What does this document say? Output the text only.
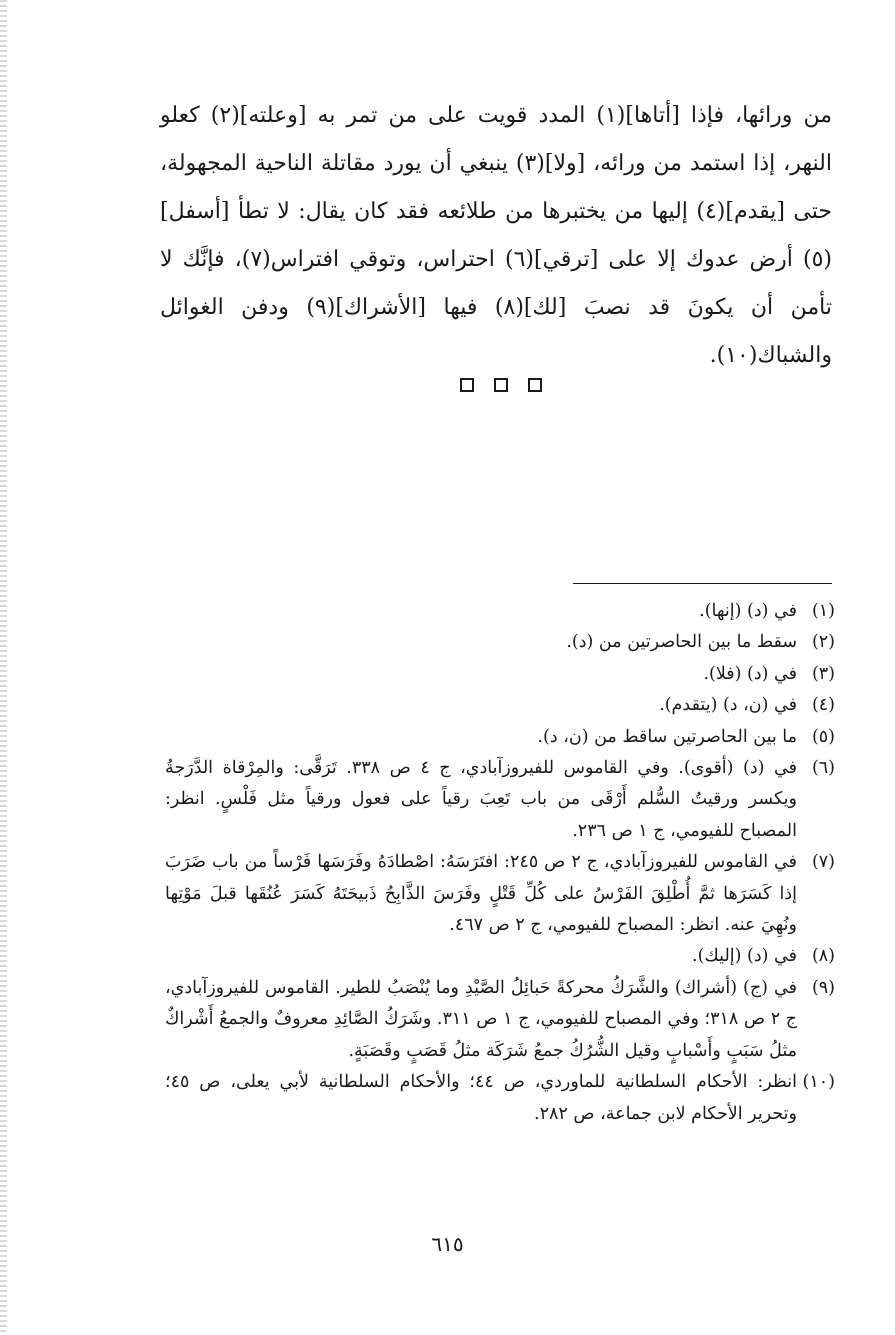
من ورائها، فإذا [أتاها](١) المدد قويت على من تمر به [وعلته](٢) كعلو النهر، إذا استمد من ورائه، [ولا](٣) ينبغي أن يورد مقاتلة الناحية المجهولة، حتى [يقدم](٤) إليها من يختبرها من طلائعه فقد كان يقال: لا تطأ [أسفل](٥) أرض عدوك إلا على [ترقي](٦) احتراس، وتوقي افتراس(٧)، فإنَّك لا تأمن أن يكونَ قد نصبَ [لك](٨) فيها [الأشراك](٩) ودفن الغوائل والشباك(١٠).

(١)
في (د) (إنها).
(٢)
سقط ما بين الحاصرتين من (د).
(٣)
في (د) (فلا).
(٤)
في (ن، د) (يتقدم).
(٥)
ما بين الحاصرتين ساقط من (ن، د).
(٦)
في (د) (أقوى). وفي القاموس للفيروزآبادي، ج ٤ ص ٣٣٨. تَرَقَّى: والمِرْقاة الدَّرَجةُ ويكسر ورقيتُ السُّلم أَرْقَى من باب تَعِبَ رقياً على فعول ورقياً مثل فَلْسٍ. انظر: المصباح للفيومي، ج ١ ص ٢٣٦.
(٧)
في القاموس للفيروزآبادي، ج ٢ ص ٢٤٥: افتَرَسَهُ: اصْطادَهُ وفَرَسَها فَرْساً من باب ضَرَبَ إذا كَسَرَها ثمَّ أُطْلِقَ الفَرْسُ على كُلِّ قَتْلٍ وفَرَسَ الذَّابِحُ ذَبيحَتَهُ كَسَرَ عُنُقَها قبلَ مَوْتِها ونُهِيَ عنه. انظر: المصباح للفيومي، ج ٢ ص ٤٦٧.
(٨)
في (د) (إليك).
(٩)
في (ج) (أشراك) والشَّرَكُ محركةً حَبائِلُ الصَّيْدِ وما يُنْصَبُ للطير. القاموس للفيروزآبادي، ج ٢ ص ٣١٨؛ وفي المصباح للفيومي، ج ١ ص ٣١١. وشَرَكُ الصَّائِدِ معروفٌ والجمعُ أَشْراكٌ مثلُ سَبَبٍ وأَسْبابٍ وقيل الشُّرُكُ جمعُ شَرَكَة مثلُ قَصَبٍ وقَصَبَةٍ.
(١٠)
انظر: الأحكام السلطانية للماوردي، ص ٤٤؛ والأحكام السلطانية لأبي يعلى، ص ٤٥؛ وتحرير الأحكام لابن جماعة، ص ٢٨٢.
٦١٥
